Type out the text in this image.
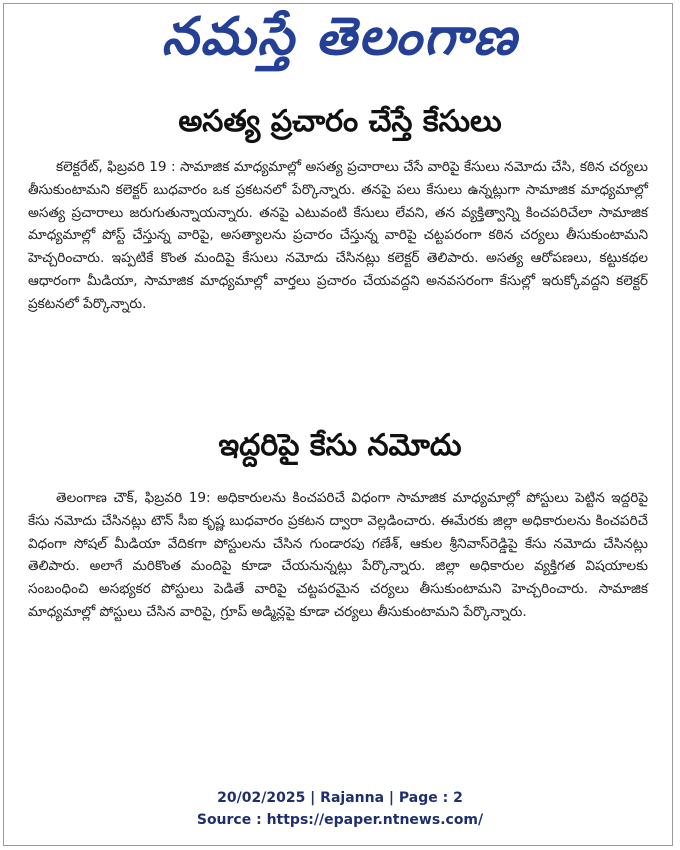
నమస్తే తెలంగాణ
అసత్య ప్రచారం చేస్తే కేసులు

కలెక్టరేట్, ఫిబ్రవరి 19 : సామాజిక మాధ్యమాల్లో అసత్య ప్రచారాలు చేసే వారిపై కేసులు నమోదు చేసి, కఠిన చర్యలు తీసుకుంటామని కలెక్టర్ బుధవారం ఒక ప్రకటనలో పేర్కొన్నారు. తనపై పలు కేసులు ఉన్నట్లుగా సామాజిక మాధ్యమాల్లో అసత్య ప్రచారాలు జరుగుతున్నాయన్నారు. తనపై ఎటువంటి కేసులు లేవని, తన వ్యక్తిత్వాన్ని కించపరిచేలా సామాజిక మాధ్యమాల్లో పోస్ట్ చేస్తున్న వారిపై, అసత్యాలను ప్రచారం చేస్తున్న వారిపై చట్టపరంగా కఠిన చర్యలు తీసుకుంటామని హెచ్చరించారు. ఇప్పటికే కొంత మందిపై కేసులు నమోదు చేసినట్లు కలెక్టర్ తెలిపారు. అసత్య ఆరోపణలు, కట్టుకథల ఆధారంగా మీడియా, సామాజిక మాధ్యమాల్లో వార్తలు ప్రచారం చేయవద్దని అనవసరంగా కేసుల్లో ఇరుక్కోవద్దని కలెక్టర్ ప్రకటనలో పేర్కొన్నారు.

ఇద్దరిపై కేసు నమోదు

తెలంగాణ చౌక్, ఫిబ్రవరి 19: అధికారులను కించపరిచే విధంగా సామాజిక మాధ్యమాల్లో పోస్టులు పెట్టిన ఇద్దరిపై కేసు నమోదు చేసినట్లు టౌన్ సీఐ కృష్ణ బుధవారం ప్రకటన ద్వారా వెల్లడించారు. ఈమేరకు జిల్లా అధికారులను కించపరిచే విధంగా సోషల్ మీడియా వేదికగా పోస్టులను చేసిన గుండారపు గణేశ్, ఆకుల శ్రీనివాస్‌రెడ్డిపై కేసు నమోదు చేసినట్లు తెలిపారు. అలాగే మరికొంత మందిపై కూడా చేయనున్నట్లు పేర్కొన్నారు. జిల్లా అధికారుల వ్యక్తిగత విషయాలకు సంబంధించి అసభ్యకర పోస్టులు పెడితే వారిపై చట్టపరమైన చర్యలు తీసుకుంటామని హెచ్చరించారు. సామాజిక మాధ్యమాల్లో పోస్టులు చేసిన వారిపై, గ్రూప్ అడ్మిన్లపై కూడా చర్యలు తీసుకుంటామని పేర్కొన్నారు.

20/02/2025 | Rajanna | Page : 2
Source : https://epaper.ntnews.com/
